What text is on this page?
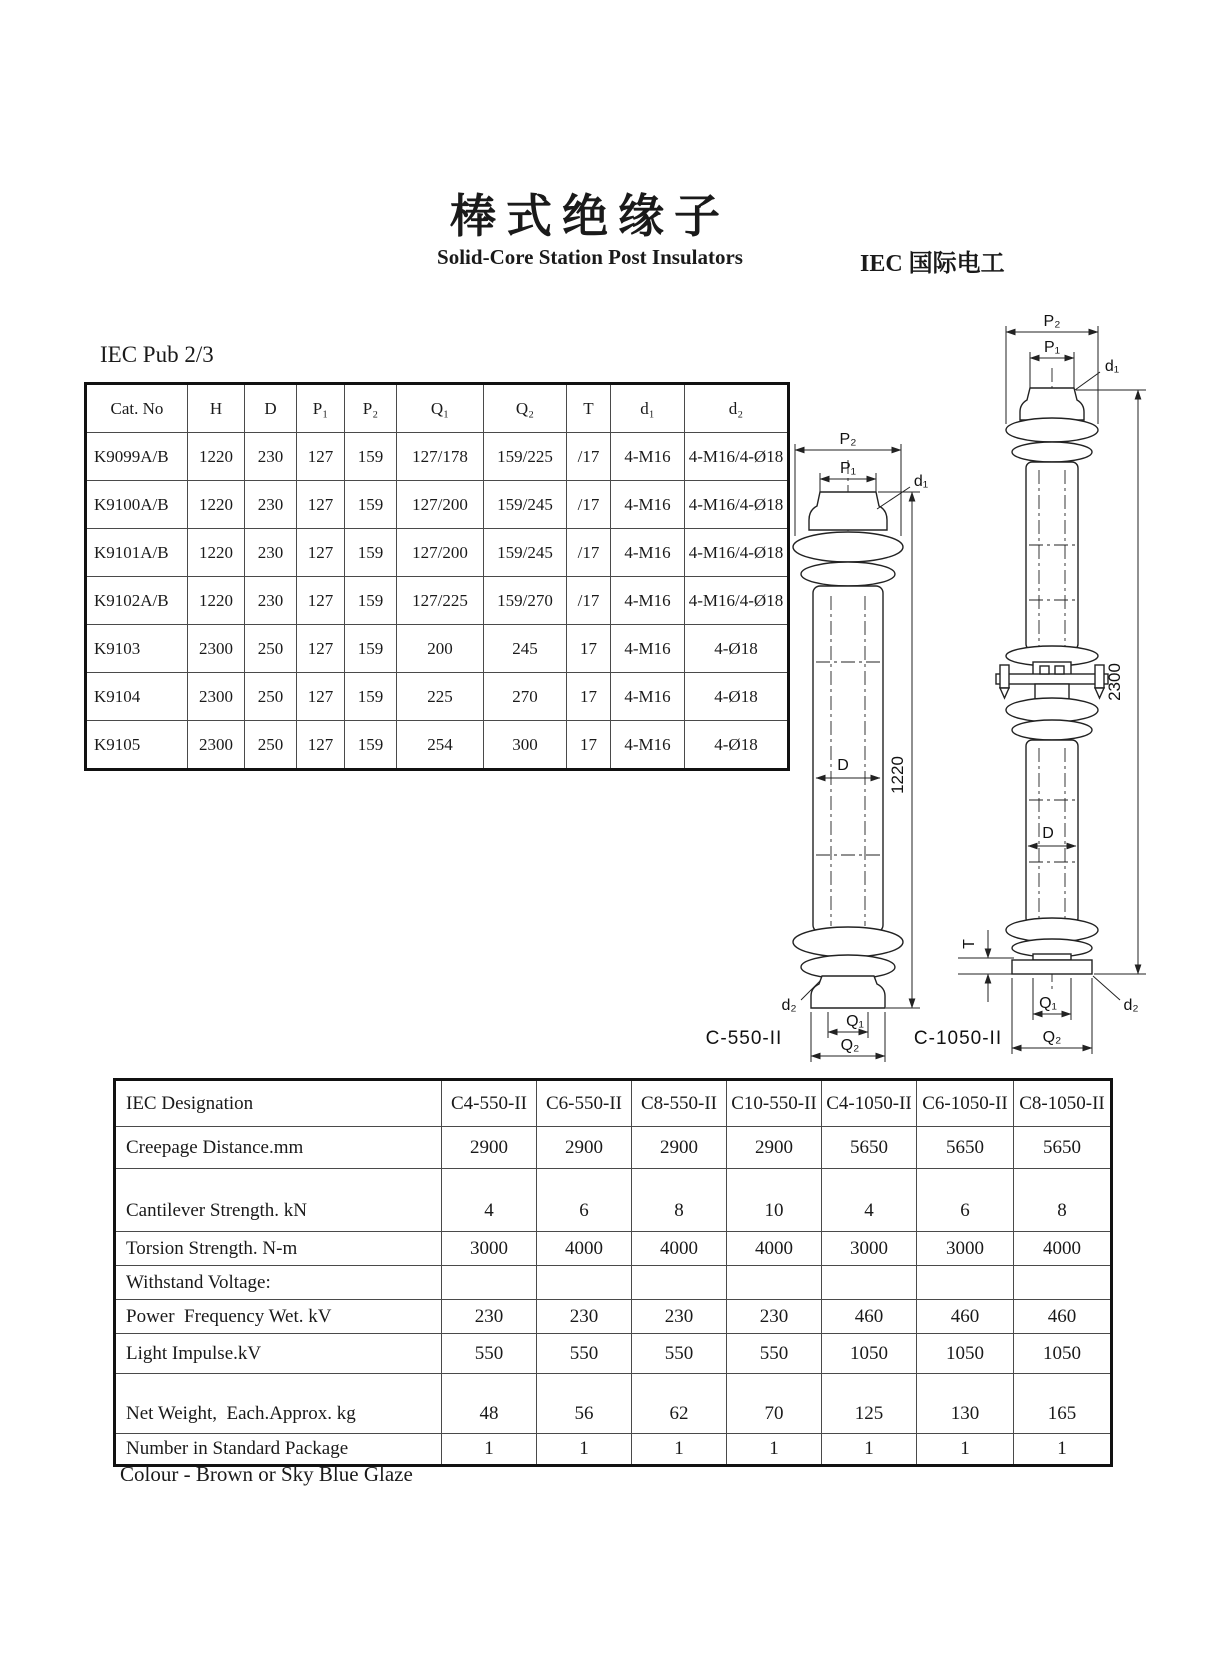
棒式绝缘子
Solid-Core Station Post Insulators	IEC 国际电工
IEC Pub 2/3
Cat. No	H	D	P₁	P₂	Q₁	Q₂	T	d₁	d₂
K9099A/B	1220	230	127	159	127/178	159/225	/17	4-M16	4-M16/4-Ø18
K9100A/B	1220	230	127	159	127/200	159/245	/17	4-M16	4-M16/4-Ø18
K9101A/B	1220	230	127	159	127/200	159/245	/17	4-M16	4-M16/4-Ø18
K9102A/B	1220	230	127	159	127/225	159/270	/17	4-M16	4-M16/4-Ø18
K9103	2300	250	127	159	200	245	17	4-M16	4-Ø18
K9104	2300	250	127	159	225	270	17	4-M16	4-Ø18
K9105	2300	250	127	159	254	300	17	4-M16	4-Ø18
P₂
P₁
d₁
D 1220
d₂
Q₁
Q₂
C-550-II
P₂
P₁
d₁
D
T
2300
Q₁
Q₂
d₂
C-1050-II
IEC Designation	C4-550-II	C6-550-II	C8-550-II	C10-550-II	C4-1050-II	C6-1050-II	C8-1050-II
Creepage Distance.mm	2900	2900	2900	2900	5650	5650	5650
Cantilever Strength. kN	4	6	8	10	4	6	8
Torsion Strength. N-m	3000	4000	4000	4000	3000	3000	4000
Withstand Voltage:							
Power  Frequency Wet. kV	230	230	230	230	460	460	460
Light Impulse.kV	550	550	550	550	1050	1050	1050
Net Weight,  Each.Approx. kg	48	56	62	70	125	130	165
Number in Standard Package	1	1	1	1	1	1	1
Colour - Brown or Sky Blue Glaze
